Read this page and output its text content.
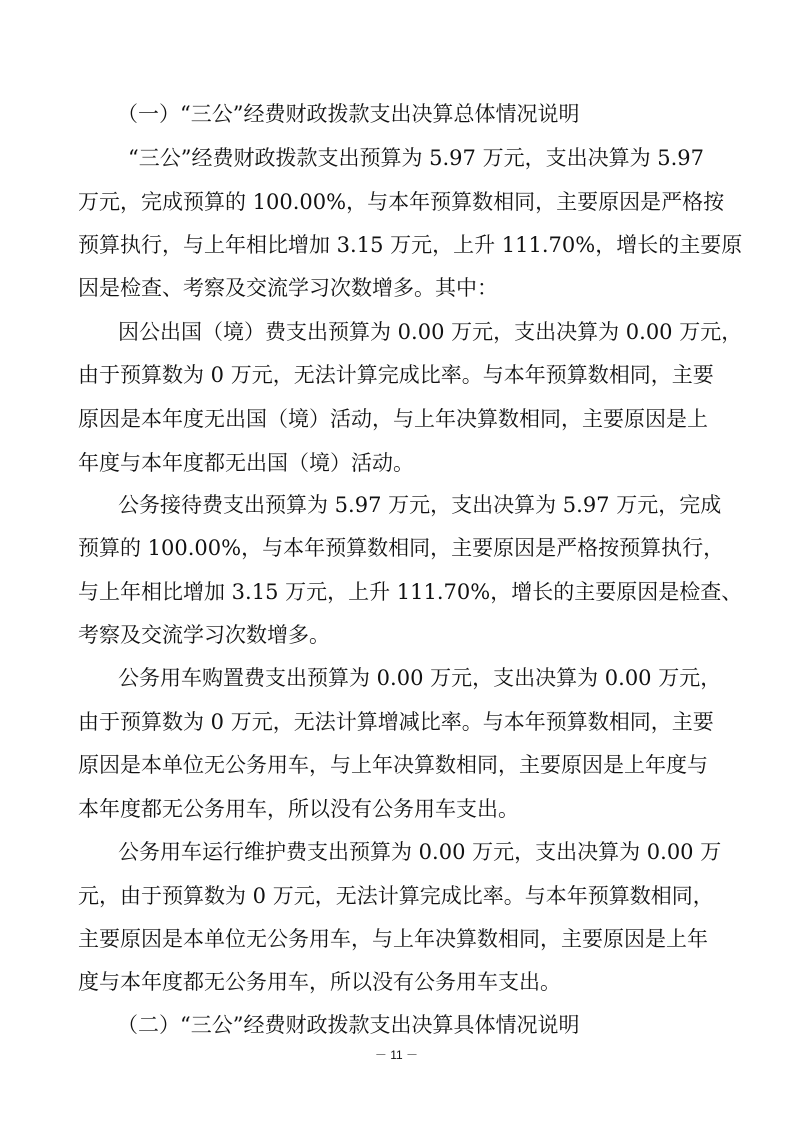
（一）“三公”经费财政拨款支出决算总体情况说明
“三公”经费财政拨款支出预算为 5.97 万元，支出决算为 5.97
万元，完成预算的 100.00%，与本年预算数相同，主要原因是严格按
预算执行，与上年相比增加 3.15 万元，上升 111.70%，增长的主要原
因是检查、考察及交流学习次数增多。其中：
因公出国（境）费支出预算为 0.00 万元，支出决算为 0.00 万元，
由于预算数为 0 万元，无法计算完成比率。与本年预算数相同，主要
原因是本年度无出国（境）活动，与上年决算数相同，主要原因是上
年度与本年度都无出国（境）活动。
公务接待费支出预算为 5.97 万元，支出决算为 5.97 万元，完成
预算的 100.00%，与本年预算数相同，主要原因是严格按预算执行，
与上年相比增加 3.15 万元，上升 111.70%，增长的主要原因是检查、
考察及交流学习次数增多。
公务用车购置费支出预算为 0.00 万元，支出决算为 0.00 万元，
由于预算数为 0 万元，无法计算增减比率。与本年预算数相同，主要
原因是本单位无公务用车，与上年决算数相同，主要原因是上年度与
本年度都无公务用车，所以没有公务用车支出。
公务用车运行维护费支出预算为 0.00 万元，支出决算为 0.00 万
元，由于预算数为 0 万元，无法计算完成比率。与本年预算数相同，
主要原因是本单位无公务用车，与上年决算数相同，主要原因是上年
度与本年度都无公务用车，所以没有公务用车支出。
（二）“三公”经费财政拨款支出决算具体情况说明
－ 11 －
